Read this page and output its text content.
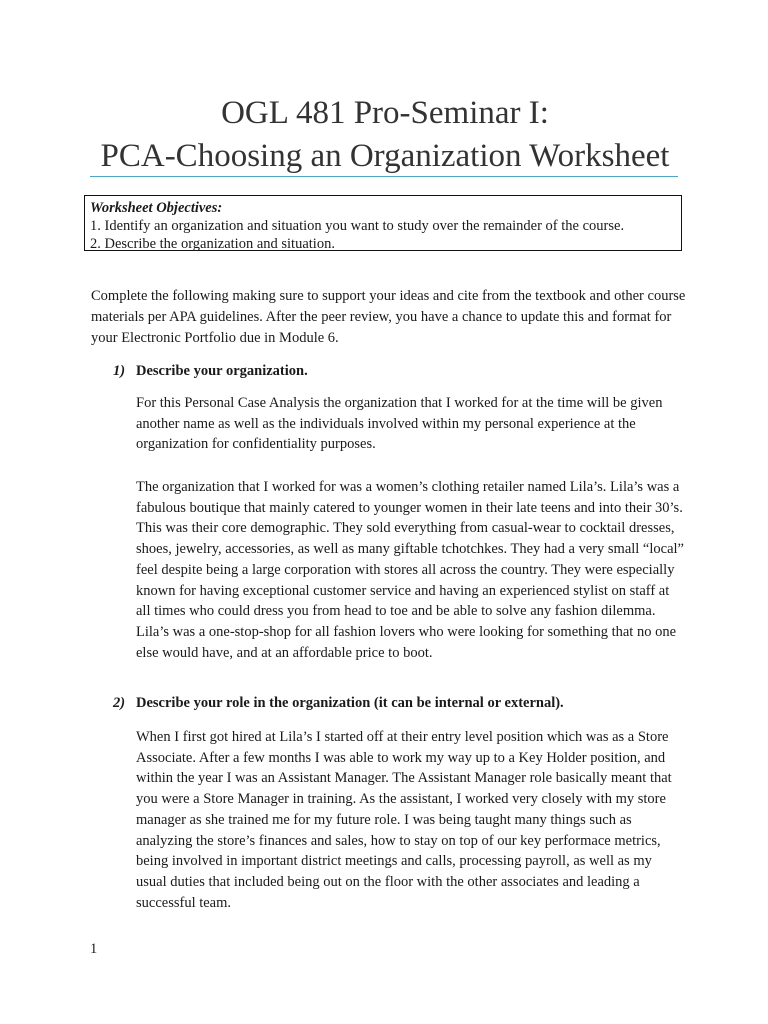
OGL 481 Pro-Seminar I:
PCA-Choosing an Organization Worksheet
Worksheet Objectives:
1. Identify an organization and situation you want to study over the remainder of the course.
2. Describe the organization and situation.

Complete the following making sure to support your ideas and cite from the textbook and other course materials per APA guidelines. After the peer review, you have a chance to update this and format for your Electronic Portfolio due in Module 6.

1) Describe your organization.

For this Personal Case Analysis the organization that I worked for at the time will be given another name as well as the individuals involved within my personal experience at the organization for confidentiality purposes.

The organization that I worked for was a women’s clothing retailer named Lila’s. Lila’s was a fabulous boutique that mainly catered to younger women in their late teens and into their 30’s. This was their core demographic. They sold everything from casual-wear to cocktail dresses, shoes, jewelry, accessories, as well as many giftable tchotchkes. They had a very small “local” feel despite being a large corporation with stores all across the country. They were especially known for having exceptional customer service and having an experienced stylist on staff at all times who could dress you from head to toe and be able to solve any fashion dilemma. Lila’s was a one-stop-shop for all fashion lovers who were looking for something that no one else would have, and at an affordable price to boot.

2) Describe your role in the organization (it can be internal or external).

When I first got hired at Lila’s I started off at their entry level position which was as a Store Associate. After a few months I was able to work my way up to a Key Holder position, and within the year I was an Assistant Manager. The Assistant Manager role basically meant that you were a Store Manager in training. As the assistant, I worked very closely with my store manager as she trained me for my future role. I was being taught many things such as analyzing the store’s finances and sales, how to stay on top of our key performace metrics, being involved in important district meetings and calls, processing payroll, as well as my usual duties that included being out on the floor with the other associates and leading a successful team.

1
